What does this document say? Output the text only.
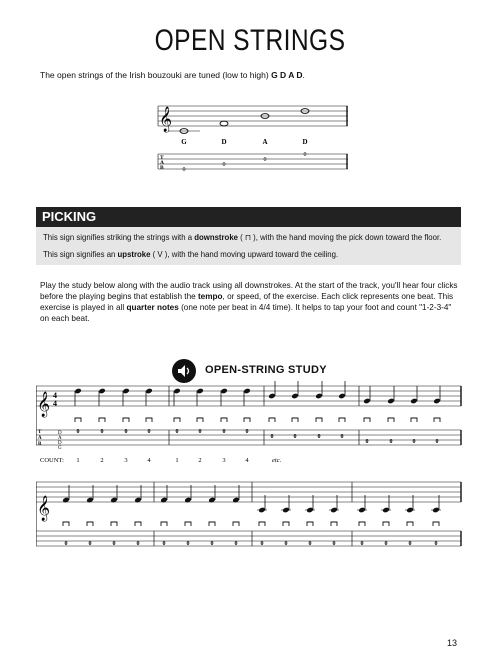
OPEN STRINGS
The open strings of the Irish bouzouki are tuned (low to high) G D A D.
𝄞
G	D	A	D
T
A
B	0
0
0
0
PICKING

This sign signifies striking the strings with a downstroke ( ⊓ ), with the hand moving the pick down toward the floor.

This sign signifies an upstroke ( V ), with the hand moving upward toward the ceiling.

Play the study below along with the audio track using all downstrokes. At the start of the track, you'll hear four clicks before the playing begins that establish the tempo, or speed, of the exercise. Each click represents one beat. This exercise is played in all quarter notes (one note per beat in 4/4 time). It helps to tap your foot and count "1-2-3-4" on each beat.

OPEN-STRING STUDY
𝄞 4
4
0	0	0	0	0	0	0	0
0	0	0	0
0	0	0	0
D
A
D
G
T
A
B
COUNT: 1	2	3	4	1	2	3	4	etc.
𝄞
0	0	0	0	0	0	0	0	0	0	0	0	0	0	0	0
13
